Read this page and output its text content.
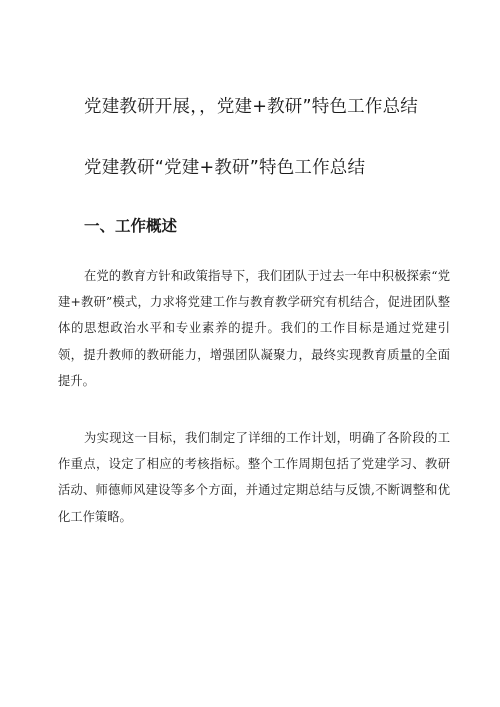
党建教研开展，，党建+教研”特色工作总结
党建教研“党建+教研”特色工作总结
一、工作概述

在党的教育方针和政策指导下，我们团队于过去一年中积极探索“党建+教研”模式，力求将党建工作与教育教学研究有机结合，促进团队整体的思想政治水平和专业素养的提升。我们的工作目标是通过党建引领，提升教师的教研能力，增强团队凝聚力，最终实现教育质量的全面提升。

为实现这一目标，我们制定了详细的工作计划，明确了各阶段的工作重点，设定了相应的考核指标。整个工作周期包括了党建学习、教研活动、师德师风建设等多个方面，并通过定期总结与反馈,不断调整和优化工作策略。
